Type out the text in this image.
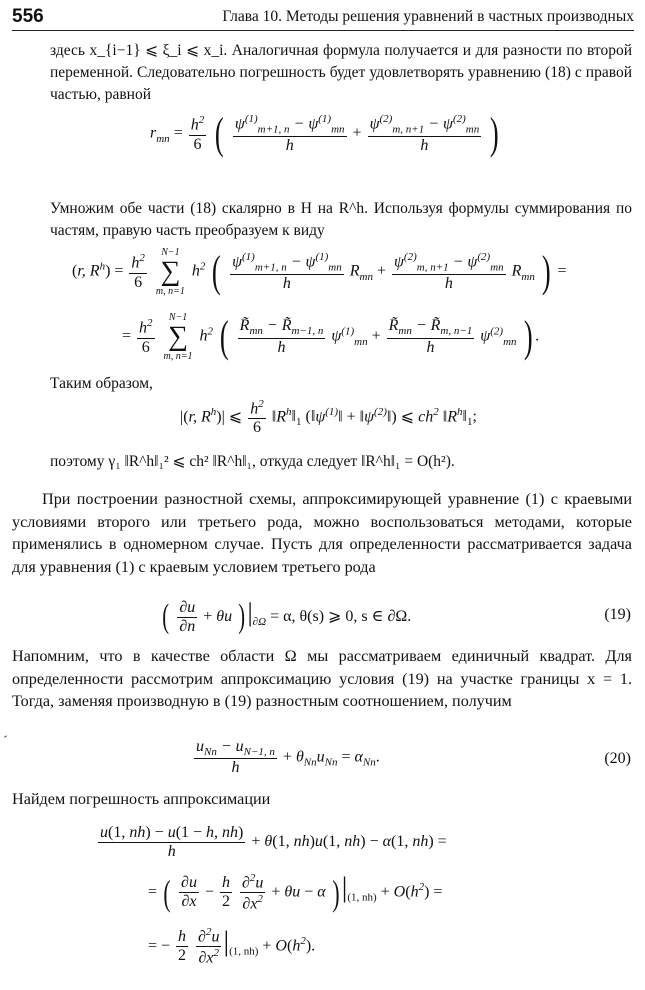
556	Глава 10. Методы решения уравнений в частных производных
здесь x_{i−1} ⩽ ξ_i ⩽ x_i. Аналогичная формула получается и для разности по второй переменной. Следовательно погрешность будет удовлетворять уравнению (18) с правой частью, равной
$r_{mn} = \frac{h^2}{6}$ ( $\frac{\psi^{(1)}_{m+1, n} - \psi^{(1)}_{mn}}{h} + \frac{\psi^{(2)}_{m, n+1} - \psi^{(2)}_{mn}}{h}$ )
Умножим обе части (18) скалярно в H на R^h. Используя формулы суммирования по частям, правую часть преобразуем к виду
(r, $R^h) = \frac{h^2}{6}$
	N−1
∑
m, n=1
$h^2$ ( $\frac{\psi^{(1)}_{m+1, n} - \psi^{(1)}_{mn}}{h} R_{mn} + \frac{\psi^{(2)}_{m, n+1} - \psi^{(2)}_{mn}}{h} R_{mn}$ ) =
= $\frac{h^2}{6}$
	N−1
∑
m, n=1
$h^2$ ( $\frac{R̃_{mn} - R̃_{m-1, n}}{h} \psi^{(1)}_{mn} + \frac{R̃_{mn} - R̃_{m, n-1}}{h} \psi^{(2)}_{mn}$ ) .
Таким образом,
|(r, $R^h)|$ ⩽ $\frac{h^2}{6}$ $‖R^h‖_1$ ($‖\psi^{(1)}‖$ + $‖\psi^{(2)}‖$) ⩽ $ch^2$ $‖R^h‖_1$;
поэтому γ₁ ‖R^h‖₁² ⩽ ch² ‖R^h‖₁, откуда следует ‖R^h‖₁ = O(h²).
При построении разностной схемы, аппроксимирующей уравнение (1) с краевыми условиями второго или третьего рода, можно воспользоваться методами, которые применялись в одномерном случае. Пусть для определенности рассматривается задача для уравнения (1) с краевым условием третьего рода
( $\frac{\partial u}{\partial n} + \theta u$ )$|_{\partial\Omega} = \alpha$, θ(s) ⩾ 0, s ∈ ∂Ω.	(19)
Напомним, что в качестве области Ω мы рассматриваем единичный квадрат. Для определенности рассмотрим аппроксимацию условия (19) на участке границы x = 1. Тогда, заменяя производную в (19) разностным соотношением, получим
$\frac{u_{Nn} - u_{N-1, n}}{h} + \theta_{Nn}u_{Nn} = \alpha_{Nn}$.	(20)
Найдем погрешность аппроксимации
$\frac{u(1, nh) - u(1 - h, nh)}{h} + \theta(1$, nh)u(1, nh) − α(1, nh) =
= ( $\frac{\partial u}{\partial x} - \frac{h}{2}$
$\frac{\partial^2u}{\partial x^2} + \theta u - \alpha$ )$|_{(1, nh)} + O(h^2)$ =
= − $\frac{h}{2}$
$\frac{\partial^2u}{\partial x^2} |_{(1, nh)} + O(h^2)$.
